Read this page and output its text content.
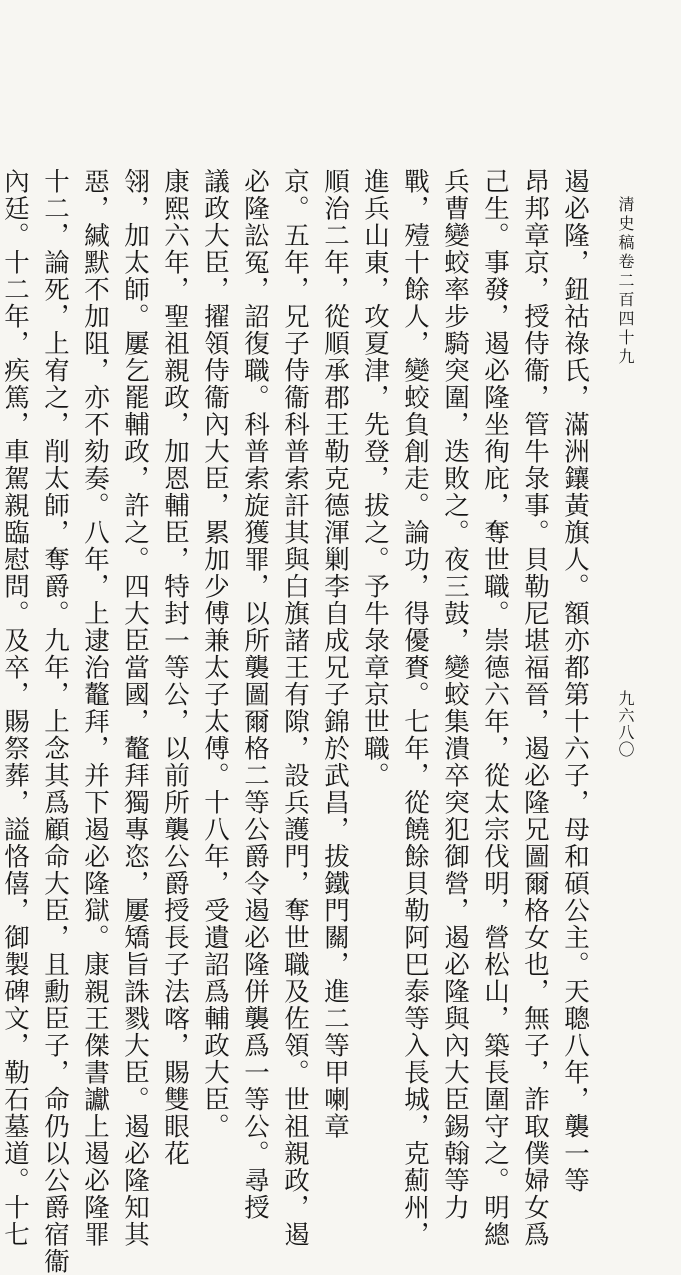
清史稿卷二百四十九
九六八〇
遏必隆，鈕祜祿氏，滿洲鑲黃旗人。額亦都第十六子，母和碩公主。天聰八年，襲一等
昂邦章京，授侍衞，管牛彔事。貝勒尼堪福晉，遏必隆兄圖爾格女也，無子，詐取僕婦女爲
己生。事發，遏必隆坐徇庇，奪世職。崇德六年，從太宗伐明，營松山，築長圍守之。明總
兵曹變蛟率步騎突圍，迭敗之。夜三鼓，變蛟集潰卒突犯御營，遏必隆與內大臣錫翰等力
戰，殪十餘人，變蛟負創走。論功，得優賚。七年，從饒餘貝勒阿巴泰等入長城，克薊州，
進兵山東，攻夏津，先登，拔之。予牛彔章京世職。
順治二年，從順承郡王勒克德渾剿李自成兄子錦於武昌，拔鐵門關，進二等甲喇章
京。五年，兄子侍衞科普索訐其與白旗諸王有隙，設兵護門，奪世職及佐領。世祖親政，遏
必隆訟冤，詔復職。科普索旋獲罪，以所襲圖爾格二等公爵令遏必隆併襲爲一等公。尋授
議政大臣，擢領侍衞內大臣，累加少傅兼太子太傅。十八年，受遺詔爲輔政大臣。
康熙六年，聖祖親政，加恩輔臣，特封一等公，以前所襲公爵授長子法喀，賜雙眼花
翎，加太師。屢乞罷輔政，許之。四大臣當國，鼇拜獨專恣，屢矯旨誅戮大臣。遏必隆知其
惡，緘默不加阻，亦不劾奏。八年，上逮治鼇拜，并下遏必隆獄。康親王傑書讞上遏必隆罪
十二，論死，上宥之，削太師，奪爵。九年，上念其爲顧命大臣，且勳臣子，命仍以公爵宿衞
內廷。十二年，疾篤，車駕親臨慰問。及卒，賜祭葬，謚恪僖，御製碑文，勒石墓道。十七
